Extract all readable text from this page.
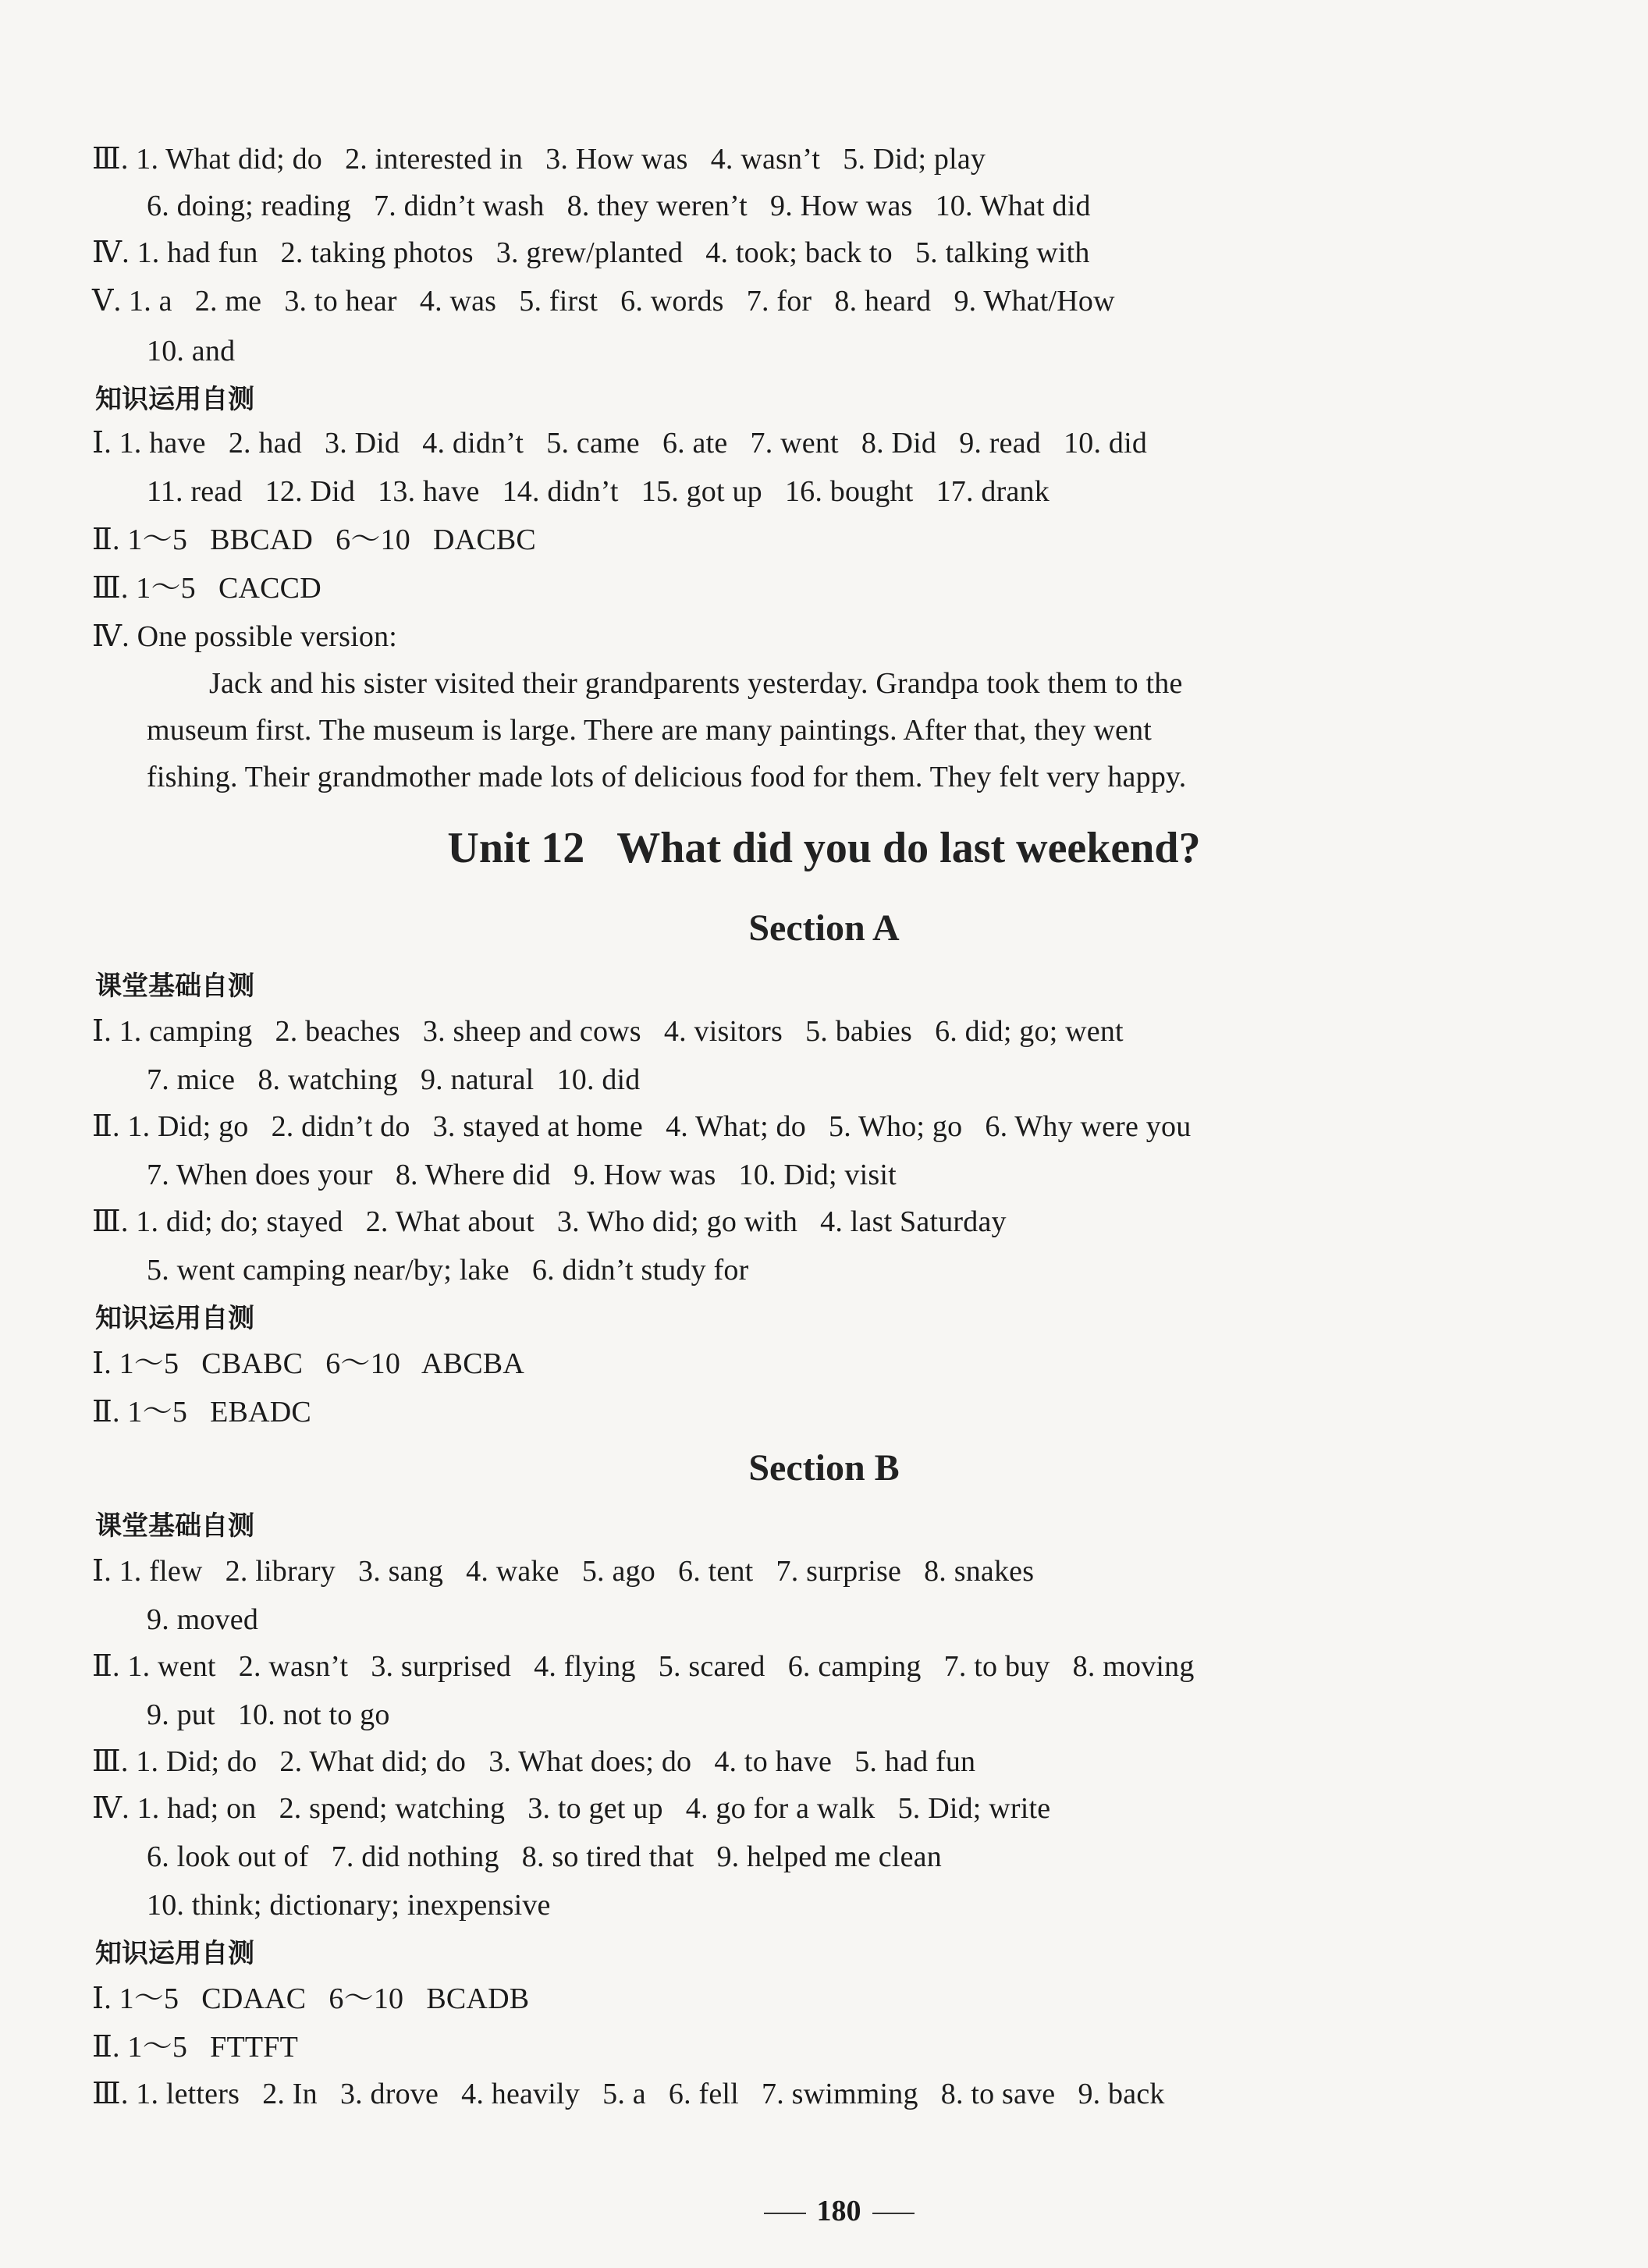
Ⅲ. 1. What did; do   2. interested in   3. How was   4. wasn’t   5. Did; play
6. doing; reading   7. didn’t wash   8. they weren’t   9. How was   10. What did
Ⅳ. 1. had fun   2. taking photos   3. grew/planted   4. took; back to   5. talking with
Ⅴ. 1. a   2. me   3. to hear   4. was   5. first   6. words   7. for   8. heard   9. What/How
10. and
知识运用自测
Ⅰ. 1. have   2. had   3. Did   4. didn’t   5. came   6. ate   7. went   8. Did   9. read   10. did
11. read   12. Did   13. have   14. didn’t   15. got up   16. bought   17. drank
Ⅱ. 1～5   BBCAD   6～10   DACBC
Ⅲ. 1～5   CACCD
Ⅳ. One possible version:
Jack and his sister visited their grandparents yesterday. Grandpa took them to the
museum first. The museum is large. There are many paintings. After that, they went
fishing. Their grandmother made lots of delicious food for them. They felt very happy.
Unit 12   What did you do last weekend?
Section A
课堂基础自测
Ⅰ. 1. camping   2. beaches   3. sheep and cows   4. visitors   5. babies   6. did; go; went
7. mice   8. watching   9. natural   10. did
Ⅱ. 1. Did; go   2. didn’t do   3. stayed at home   4. What; do   5. Who; go   6. Why were you
7. When does your   8. Where did   9. How was   10. Did; visit
Ⅲ. 1. did; do; stayed   2. What about   3. Who did; go with   4. last Saturday
5. went camping near/by; lake   6. didn’t study for
知识运用自测
Ⅰ. 1～5   CBABC   6～10   ABCBA
Ⅱ. 1～5   EBADC
Section B
课堂基础自测
Ⅰ. 1. flew   2. library   3. sang   4. wake   5. ago   6. tent   7. surprise   8. snakes
9. moved
Ⅱ. 1. went   2. wasn’t   3. surprised   4. flying   5. scared   6. camping   7. to buy   8. moving
9. put   10. not to go
Ⅲ. 1. Did; do   2. What did; do   3. What does; do   4. to have   5. had fun
Ⅳ. 1. had; on   2. spend; watching   3. to get up   4. go for a walk   5. Did; write
6. look out of   7. did nothing   8. so tired that   9. helped me clean
10. think; dictionary; inexpensive
知识运用自测
Ⅰ. 1～5   CDAAC   6～10   BCADB
Ⅱ. 1～5   FTTFT
Ⅲ. 1. letters   2. In   3. drove   4. heavily   5. a   6. fell   7. swimming   8. to save   9. back

180
